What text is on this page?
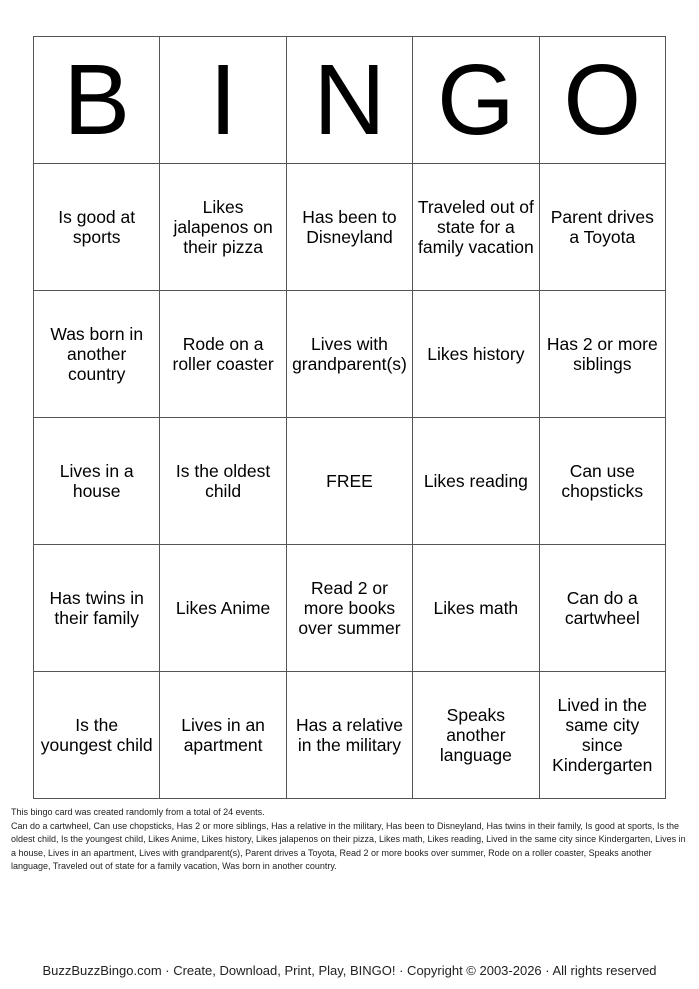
B	I	N	G	O
Is good at sports	Likes jalapenos on their pizza	Has been to Disneyland	Traveled out of state for a family vacation	Parent drives a Toyota
Was born in another country	Rode on a roller coaster	Lives with grandparent(s)	Likes history	Has 2 or more siblings
Lives in a house	Is the oldest child	FREE	Likes reading	Can use chopsticks
Has twins in their family	Likes Anime	Read 2 or more books over summer	Likes math	Can do a cartwheel
Is the youngest child	Lives in an apartment	Has a relative in the military	Speaks another language	Lived in the same city since Kindergarten

This bingo card was created randomly from a total of 24 events.

Can do a cartwheel, Can use chopsticks, Has 2 or more siblings, Has a relative in the military, Has been to Disneyland, Has twins in their family, Is good at sports, Is the oldest child, Is the youngest child, Likes Anime, Likes history, Likes jalapenos on their pizza, Likes math, Likes reading, Lived in the same city since Kindergarten, Lives in a house, Lives in an apartment, Lives with grandparent(s), Parent drives a Toyota, Read 2 or more books over summer, Rode on a roller coaster, Speaks another language, Traveled out of state for a family vacation, Was born in another country.

BuzzBuzzBingo.com · Create, Download, Print, Play, BINGO! · Copyright © 2003-2026 · All rights reserved
